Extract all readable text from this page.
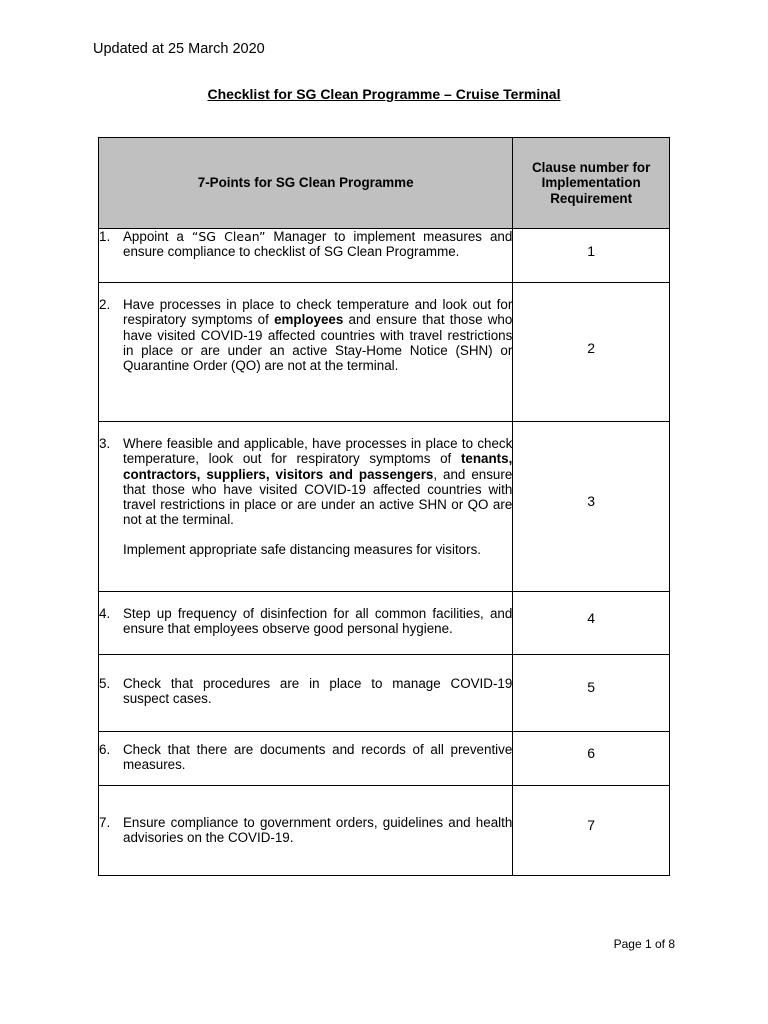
Updated at 25 March 2020
Checklist for SG Clean Programme – Cruise Terminal
7-Points for SG Clean Programme	Clause number for Implementation Requirement

1. Appoint a “SG Clean” Manager to implement measures and ensure compliance to checklist of SG Clean Programme.	1

2. Have processes in place to check temperature and look out for respiratory symptoms of employees and ensure that those who have visited COVID-19 affected countries with travel restrictions in place or are under an active Stay-Home Notice (SHN) or Quarantine Order (QO) are not at the terminal.	2

3. Where feasible and applicable, have processes in place to check temperature, look out for respiratory symptoms of tenants, contractors, suppliers, visitors and passengers, and ensure that those who have visited COVID-19 affected countries with travel restrictions in place or are under an active SHN or QO are not at the terminal.
Implement appropriate safe distancing measures for visitors.	3

4. Step up frequency of disinfection for all common facilities, and ensure that employees observe good personal hygiene.	4

5. Check that procedures are in place to manage COVID-19 suspect cases.	5

6. Check that there are documents and records of all preventive measures.	6

7. Ensure compliance to government orders, guidelines and health advisories on the COVID-19.	7
Page 1 of 8
